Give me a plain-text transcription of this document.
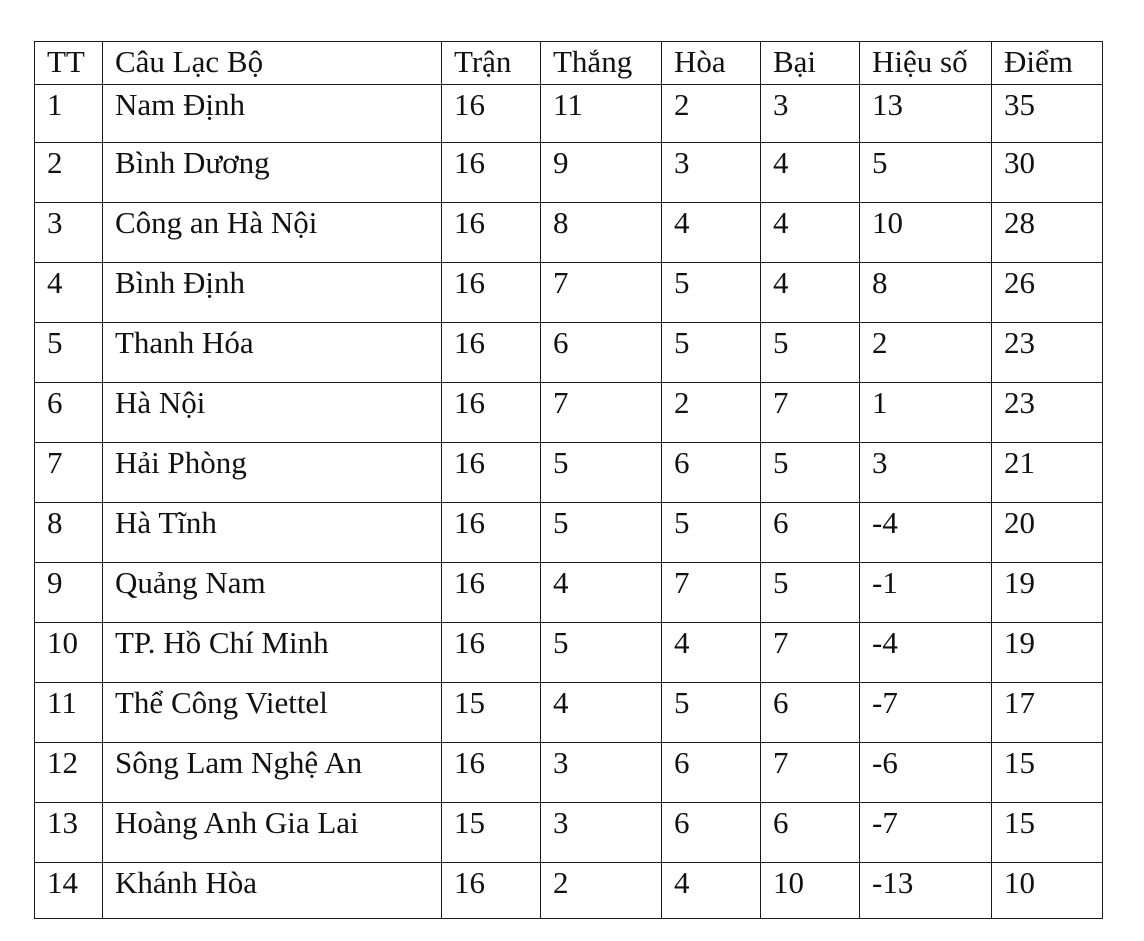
TT	Câu Lạc Bộ	Trận	Thắng	Hòa	Bại	Hiệu số	Điểm
1	Nam Định	16	11	2	3	13	35
2	Bình Dương	16	9	3	4	5	30
3	Công an Hà Nội	16	8	4	4	10	28
4	Bình Định	16	7	5	4	8	26
5	Thanh Hóa	16	6	5	5	2	23
6	Hà Nội	16	7	2	7	1	23
7	Hải Phòng	16	5	6	5	3	21
8	Hà Tĩnh	16	5	5	6	-4	20
9	Quảng Nam	16	4	7	5	-1	19
10	TP. Hồ Chí Minh	16	5	4	7	-4	19
11	Thể Công Viettel	15	4	5	6	-7	17
12	Sông Lam Nghệ An	16	3	6	7	-6	15
13	Hoàng Anh Gia Lai	15	3	6	6	-7	15
14	Khánh Hòa	16	2	4	10	-13	10
